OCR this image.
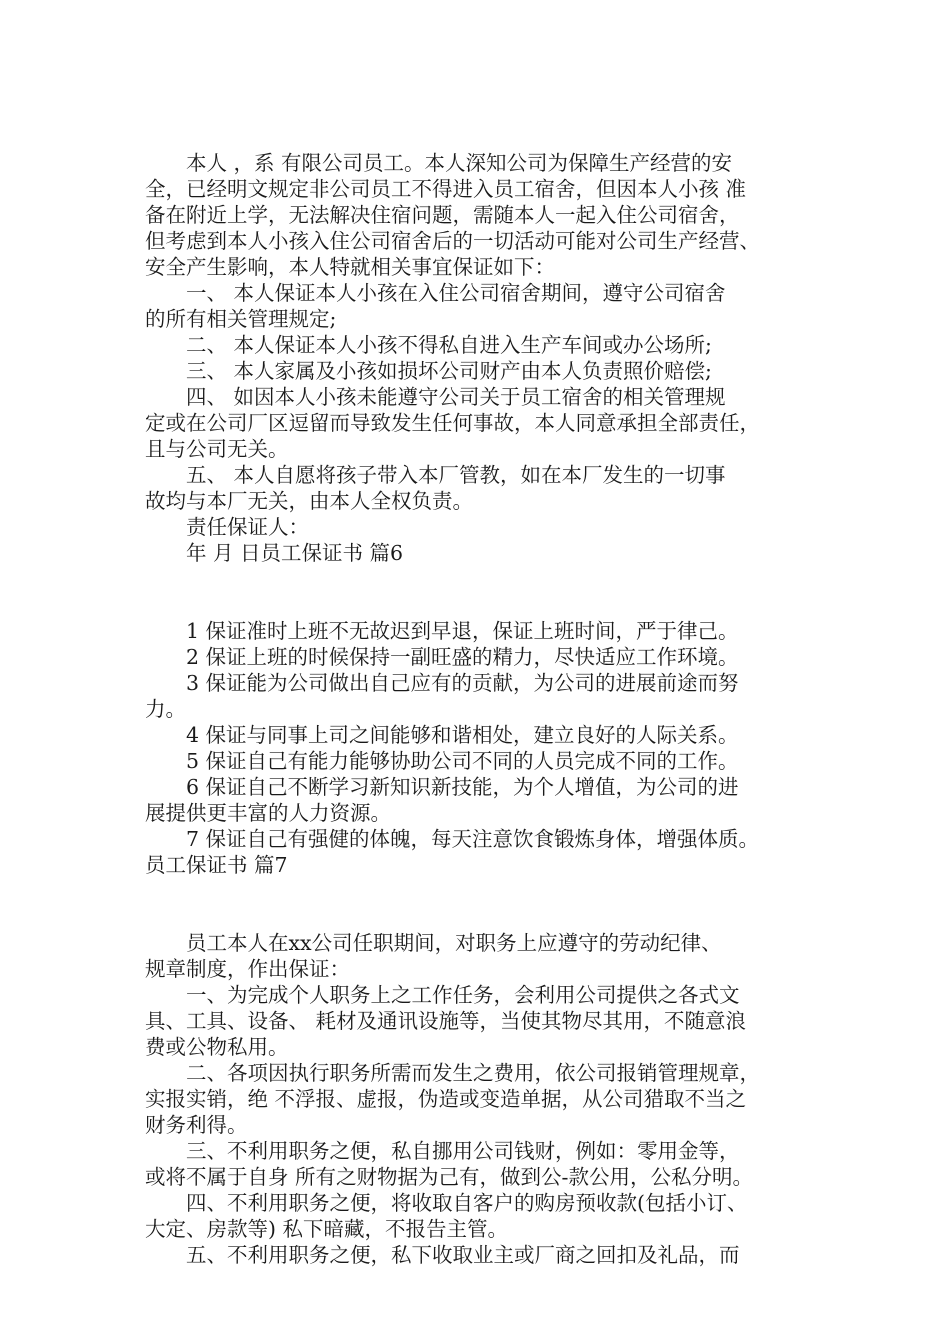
　　本人 ，系 有限公司员工。本人深知公司为保障生产经营的安
全，已经明文规定非公司员工不得进入员工宿舍，但因本人小孩 准
备在附近上学，无法解决住宿问题，需随本人一起入住公司宿舍，
但考虑到本人小孩入住公司宿舍后的一切活动可能对公司生产经营、
安全产生影响，本人特就相关事宜保证如下：
　　一、 本人保证本人小孩在入住公司宿舍期间，遵守公司宿舍
的所有相关管理规定;
　　二、 本人保证本人小孩不得私自进入生产车间或办公场所;
　　三、 本人家属及小孩如损坏公司财产由本人负责照价赔偿;
　　四、 如因本人小孩未能遵守公司关于员工宿舍的相关管理规
定或在公司厂区逗留而导致发生任何事故，本人同意承担全部责任，
且与公司无关。
　　五、 本人自愿将孩子带入本厂管教，如在本厂发生的一切事
故均与本厂无关，由本人全权负责。
　　责任保证人：
　　年 月 日员工保证书 篇6
　　1 保证准时上班不无故迟到早退，保证上班时间，严于律己。
　　2 保证上班的时候保持一副旺盛的精力，尽快适应工作环境。
　　3 保证能为公司做出自己应有的贡献，为公司的进展前途而努
力。
　　4 保证与同事上司之间能够和谐相处，建立良好的人际关系。
　　5 保证自己有能力能够协助公司不同的人员完成不同的工作。
　　6 保证自己不断学习新知识新技能，为个人增值，为公司的进
展提供更丰富的人力资源。
　　7 保证自己有强健的体魄，每天注意饮食锻炼身体，增强体质。
员工保证书 篇7
　　员工本人在xx公司任职期间，对职务上应遵守的劳动纪律、
规章制度，作出保证：
　　一、为完成个人职务上之工作任务，会利用公司提供之各式文
具、工具、设备、 耗材及通讯设施等，当使其物尽其用，不随意浪
费或公物私用。
　　二、各项因执行职务所需而发生之费用，依公司报销管理规章，
实报实销，绝 不浮报、虚报，伪造或变造单据，从公司猎取不当之
财务利得。
　　三、不利用职务之便，私自挪用公司钱财，例如：零用金等，
或将不属于自身 所有之财物据为己有，做到公-款公用，公私分明。
　　四、不利用职务之便，将收取自客户的购房预收款(包括小订、
大定、房款等) 私下暗藏，不报告主管。
　　五、不利用职务之便，私下收取业主或厂商之回扣及礼品，而
